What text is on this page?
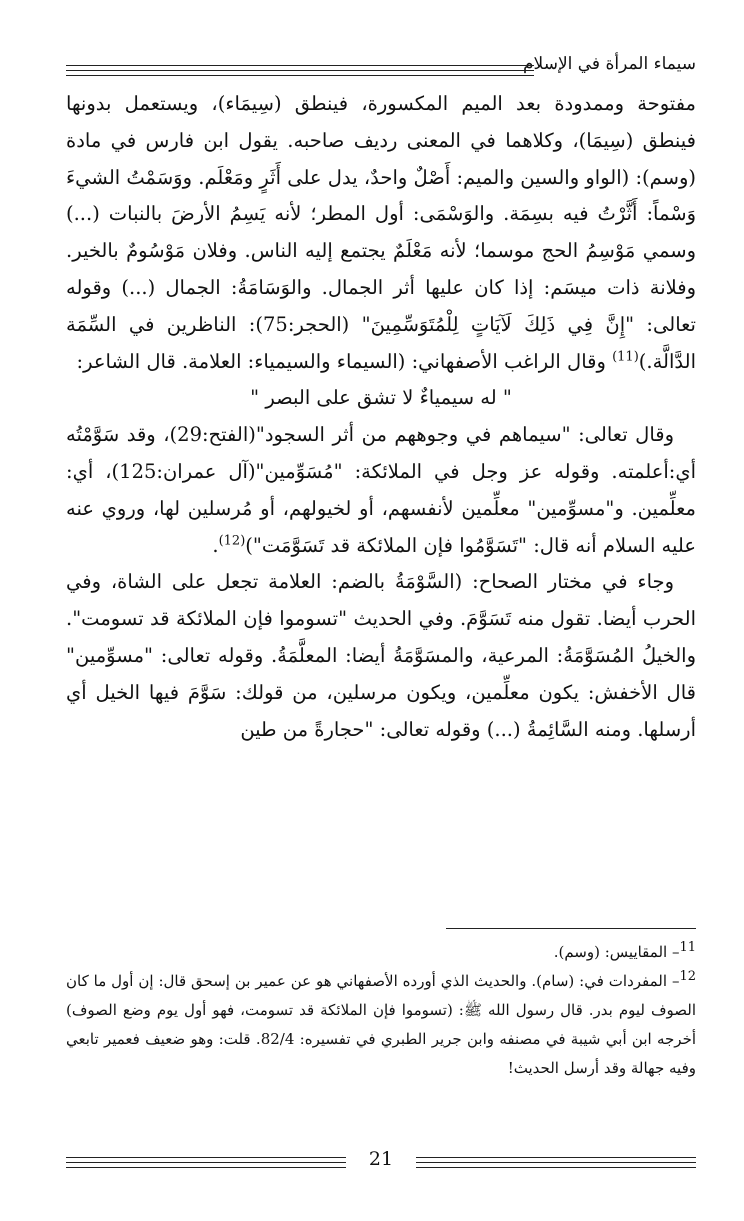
سيماء المرأة في الإسلام

مفتوحة وممدودة بعد الميم المكسورة، فينطق (سِيمَاء)، ويستعمل بدونها فينطق (سِيمَا)، وكلاهما في المعنى رديف صاحبه. يقول ابن فارس في مادة (وسم): (الواو والسين والميم: أَصْلٌ واحدٌ، يدل على أَثَرٍ ومَعْلَم. ووَسَمْتُ الشيءَ وَسْماً: أَثَّرْتُ فيه بسِمَة. والوَسْمَى: أول المطر؛ لأنه يَسِمُ الأرضَ بالنبات (...) وسمي مَوْسِمُ الحج موسما؛ لأنه مَعْلَمٌ يجتمع إليه الناس. وفلان مَوْسُومٌ بالخير. وفلانة ذات ميسَم: إذا كان عليها أثر الجمال. والوَسَامَةُ: الجمال (...) وقوله تعالى: "إِنَّ فِي ذَلِكَ لَآيَاتٍ لِلْمُتَوَسِّمِينَ" (الحجر:75): الناظرين في السِّمَة الدَّالَّة.)$^{(11)}$ وقال الراغب الأصفهاني: (السيماء والسيمياء: العلامة. قال الشاعر:

" له سيمياءٌ لا تشق على البصر "

وقال تعالى: "سيماهم في وجوههم من أثر السجود"(الفتح:29)، وقد سَوَّمْتُه أي:أعلمته. وقوله عز وجل في الملائكة: "مُسَوِّمين"(آل عمران:125)، أي: معلِّمين. و"مسوِّمين" معلِّمين لأنفسهم، أو لخيولهم، أو مُرسلين لها، وروي عنه عليه السلام أنه قال: "تَسَوَّمُوا فإن الملائكة قد تَسَوَّمَت")$^{(12)}$.

وجاء في مختار الصحاح: (السَّوْمَةُ بالضم: العلامة تجعل على الشاة، وفي الحرب أيضا. تقول منه تَسَوَّمَ. وفي الحديث "تسوموا فإن الملائكة قد تسومت". والخيلُ المُسَوَّمَةُ: المرعية، والمسَوَّمَةُ أيضا: المعلَّمَةُ. وقوله تعالى: "مسوِّمين" قال الأخفش: يكون معلِّمين، ويكون مرسلين، من قولك: سَوَّمَ فيها الخيل أي أرسلها. ومنه السَّائِمةُ (...) وقوله تعالى: "حجارةً من طين

11– المقاييس: (وسم).

12– المفردات في: (سام). والحديث الذي أورده الأصفهاني هو عن عمير بن إسحق قال: إن أول ما كان الصوف ليوم بدر. قال رسول الله ﷺ: (تسوموا فإن الملائكة قد تسومت، فهو أول يوم وضع الصوف) أخرجه ابن أبي شيبة في مصنفه وابن جرير الطبري في تفسيره: 82/4. قلت: وهو ضعيف فعمير تابعي وفيه جهالة وقد أرسل الحديث!

21
